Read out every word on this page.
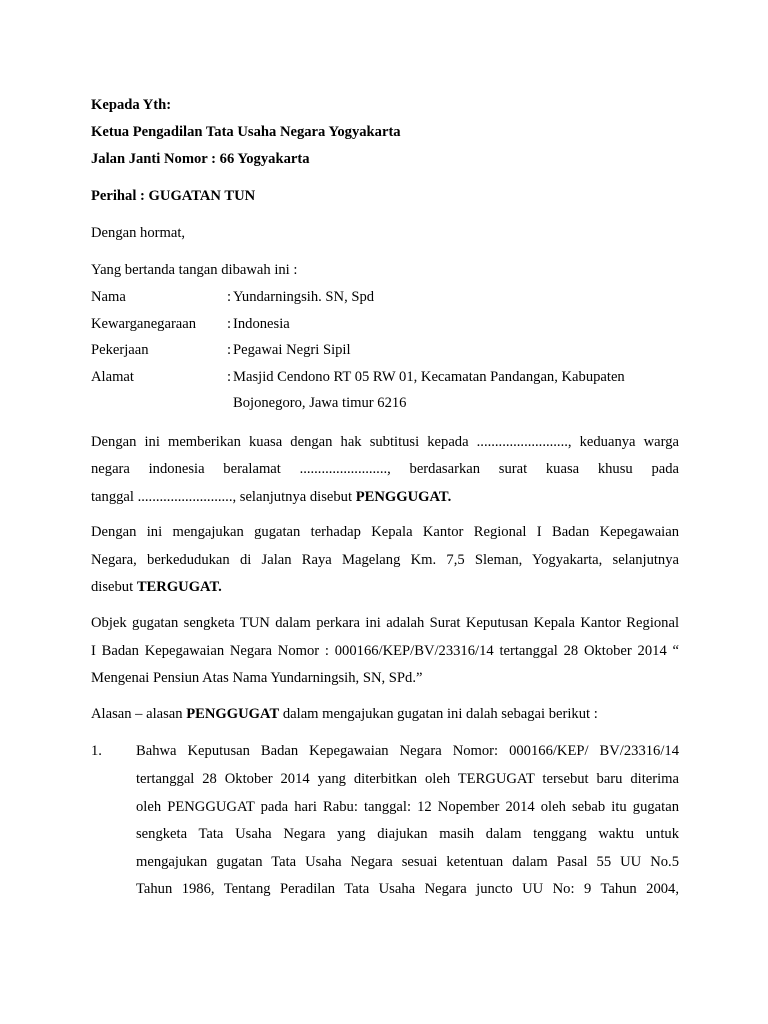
Kepada Yth:
Ketua Pengadilan Tata Usaha Negara Yogyakarta
Jalan Janti Nomor : 66 Yogyakarta
Perihal : GUGATAN TUN
Dengan hormat,
Yang bertanda tangan dibawah ini :
Nama	: Yundarningsih. SN, Spd
Kewarganegaraan	: Indonesia
Pekerjaan	: Pegawai Negri Sipil
Alamat	: Masjid Cendono RT 05 RW 01, Kecamatan Pandangan, Kabupaten
Bojonegoro, Jawa timur 6216
Dengan ini memberikan kuasa dengan hak subtitusi kepada ........................., keduanya warga
negara indonesia beralamat ........................, berdasarkan surat kuasa khusu pada
tanggal .........................., selanjutnya disebut PENGGUGAT.
Dengan ini mengajukan gugatan terhadap Kepala Kantor Regional I Badan Kepegawaian
Negara, berkedudukan di Jalan Raya Magelang Km. 7,5 Sleman, Yogyakarta, selanjutnya
disebut TERGUGAT.
Objek gugatan sengketa TUN dalam perkara ini adalah Surat Keputusan Kepala Kantor Regional
I Badan Kepegawaian Negara Nomor : 000166/KEP/BV/23316/14 tertanggal 28 Oktober 2014 “
Mengenai Pensiun Atas Nama Yundarningsih, SN, SPd.”
Alasan – alasan PENGGUGAT dalam mengajukan gugatan ini dalah sebagai berikut :
1.	Bahwa Keputusan Badan Kepegawaian Negara Nomor: 000166/KEP/ BV/23316/14
tertanggal 28 Oktober 2014 yang diterbitkan oleh TERGUGAT tersebut baru diterima
oleh PENGGUGAT pada hari Rabu: tanggal: 12 Nopember 2014 oleh sebab itu gugatan
sengketa Tata Usaha Negara yang diajukan masih dalam tenggang waktu untuk
mengajukan gugatan Tata Usaha Negara sesuai ketentuan dalam Pasal 55 UU No.5
Tahun 1986, Tentang Peradilan Tata Usaha Negara juncto UU No: 9 Tahun 2004,
